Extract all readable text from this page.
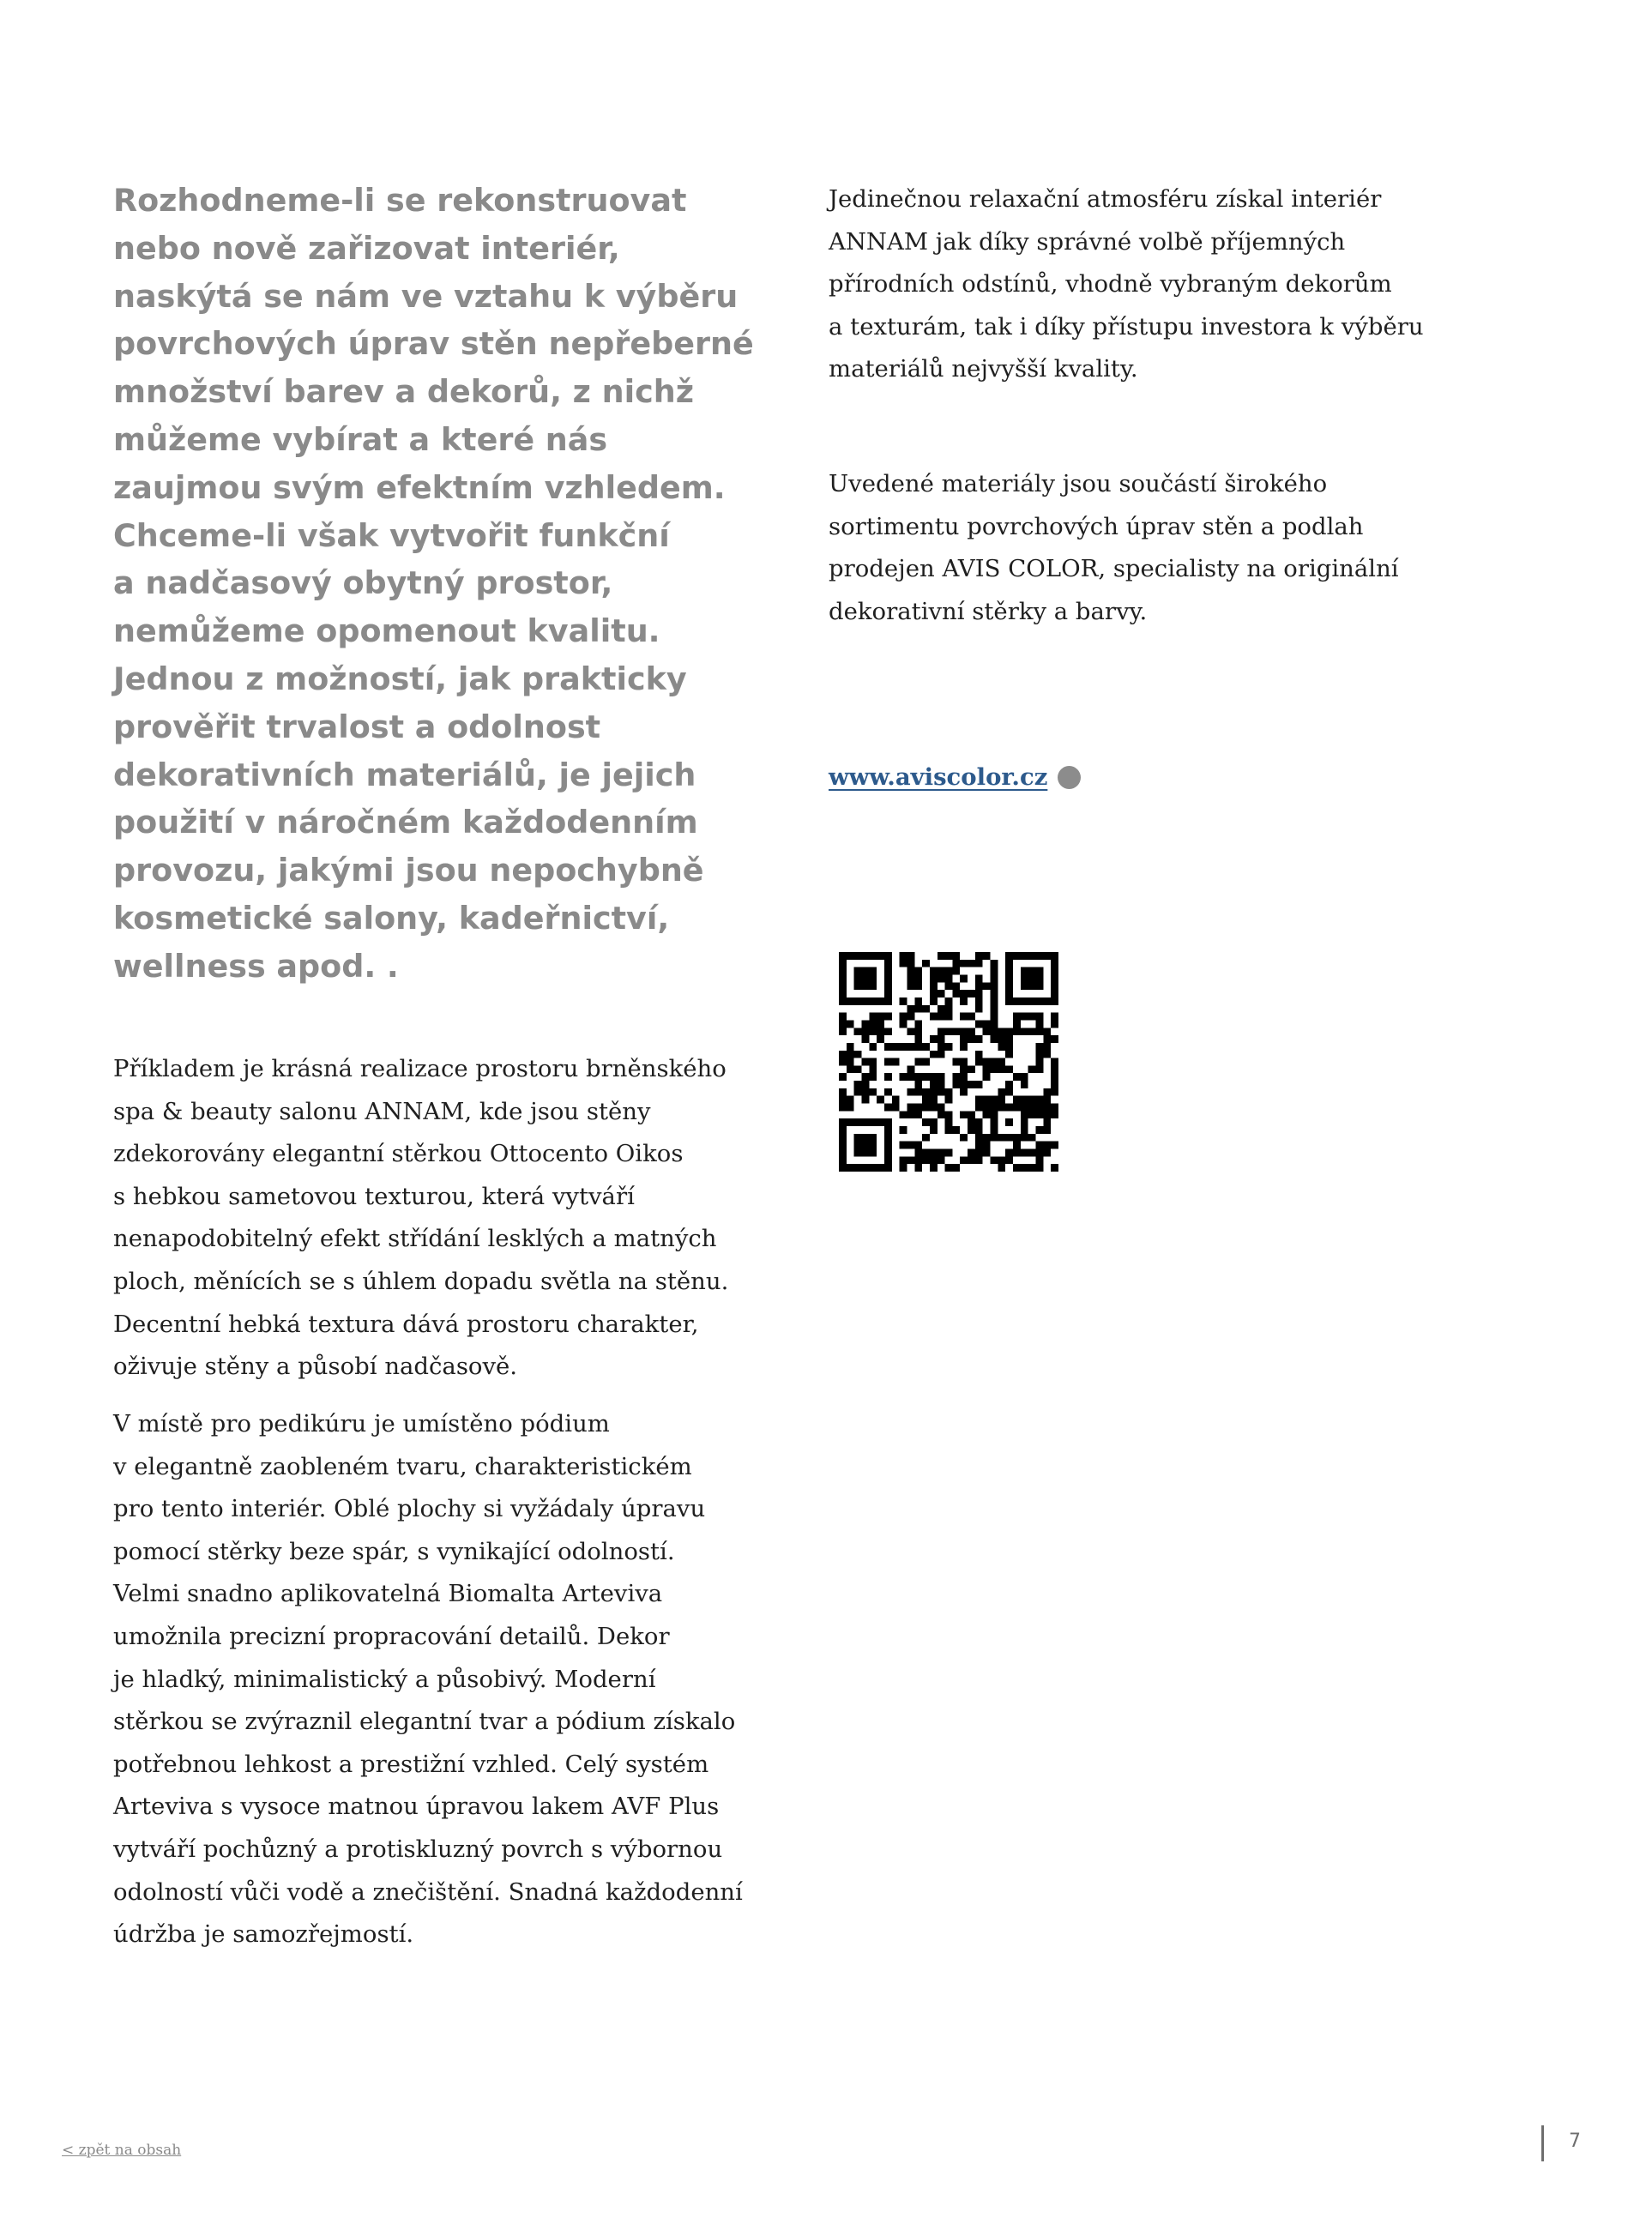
Rozhodneme-li se rekonstruovat
nebo nově zařizovat interiér,
naskýtá se nám ve vztahu k výběru
povrchových úprav stěn nepřeberné
množství barev a dekorů, z nichž
můžeme vybírat a které nás
zaujmou svým efektním vzhledem.
Chceme-li však vytvořit funkční
a nadčasový obytný prostor,
nemůžeme opomenout kvalitu.
Jednou z možností, jak prakticky
prověřit trvalost a odolnost
dekorativních materiálů, je jejich
použití v náročném každodenním
provozu, jakými jsou nepochybně
kosmetické salony, kadeřnictví,
wellness apod. .

Příkladem je krásná realizace prostoru brněnského
spa & beauty salonu ANNAM, kde jsou stěny
zdekorovány elegantní stěrkou Ottocento Oikos
s hebkou sametovou texturou, která vytváří
nenapodobitelný efekt střídání lesklých a matných
ploch, měnících se s úhlem dopadu světla na stěnu.
Decentní hebká textura dává prostoru charakter,
oživuje stěny a působí nadčasově.

V místě pro pedikúru je umístěno pódium
v elegantně zaobleném tvaru, charakteristickém
pro tento interiér. Oblé plochy si vyžádaly úpravu
pomocí stěrky beze spár, s vynikající odolností.
Velmi snadno aplikovatelná Biomalta Arteviva
umožnila precizní propracování detailů. Dekor
je hladký, minimalistický a působivý. Moderní
stěrkou se zvýraznil elegantní tvar a pódium získalo
potřebnou lehkost a prestižní vzhled. Celý systém
Arteviva s vysoce matnou úpravou lakem AVF Plus
vytváří pochůzný a protiskluzný povrch s výbornou
odolností vůči vodě a znečištění. Snadná každodenní
údržba je samozřejmostí.

Jedinečnou relaxační atmosféru získal interiér
ANNAM jak díky správné volbě příjemných
přírodních odstínů, vhodně vybraným dekorům
a texturám, tak i díky přístupu investora k výběru
materiálů nejvyšší kvality.

Uvedené materiály jsou součástí širokého
sortimentu povrchových úprav stěn a podlah
prodejen AVIS COLOR, specialisty na originální
dekorativní stěrky a barvy.

www.aviscolor.cz
< zpět na obsah	7
